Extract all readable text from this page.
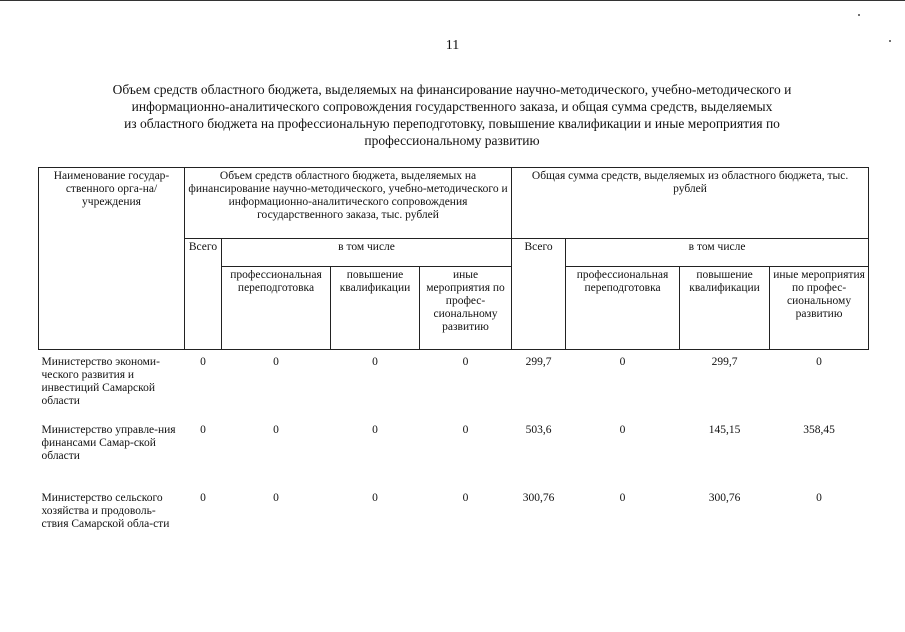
11
Объем средств областного бюджета, выделяемых на финансирование научно-методического, учебно-методического и
информационно-аналитического сопровождения государственного заказа, и общая сумма средств, выделяемых
из областного бюджета на профессиональную переподготовку, повышение квалификации и иные мероприятия по
профессиональному развитию
Наименование государ-ственного орга-на/учреждения	Объем средств областного бюджета, выделяемых на финансирование научно-методического, учебно-методического и информационно-аналитического сопровождения государственного заказа, тыс. рублей				Общая сумма средств, выделяемых из областного бюджета, тыс. рублей			
	Всего	в том числе			Всего	в том числе		
		профессиональная переподготовка	повышение квалификации	иные мероприятия по профес-сиональному развитию		профессиональная переподготовка	повышение квалификации	иные мероприятия по профес-сиональному развитию
Министерство экономи-ческого развития и инвестиций Самарской области	0	0	0	0	299,7	0	299,7	0
Министерство управле-ния финансами Самар-ской области	0	0	0	0	503,6	0	145,15	358,45
Министерство сельского хозяйства и продоволь-ствия Самарской обла-сти	0	0	0	0	300,76	0	300,76	0
